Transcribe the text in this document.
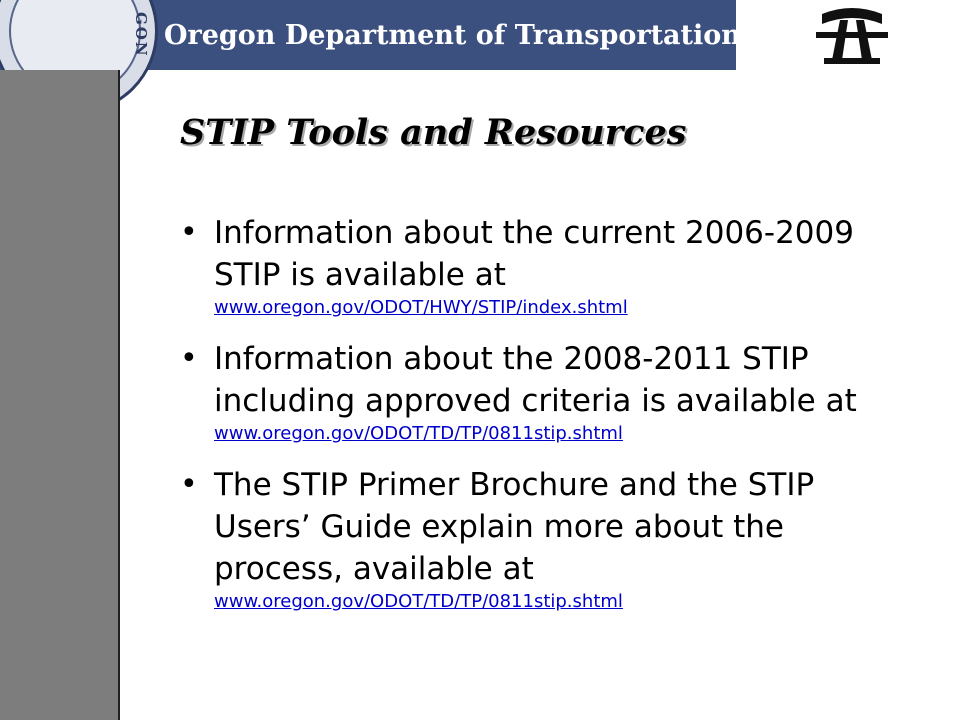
GON Oregon Department of Transportation
STIP Tools and Resources
• Information about the current 2006-2009 STIP is available at
www.oregon.gov/ODOT/HWY/STIP/index.shtml
• Information about the 2008-2011 STIP including approved criteria is available at
www.oregon.gov/ODOT/TD/TP/0811stip.shtml
• The STIP Primer Brochure and the STIP Users’ Guide explain more about the process, available at
www.oregon.gov/ODOT/TD/TP/0811stip.shtml
